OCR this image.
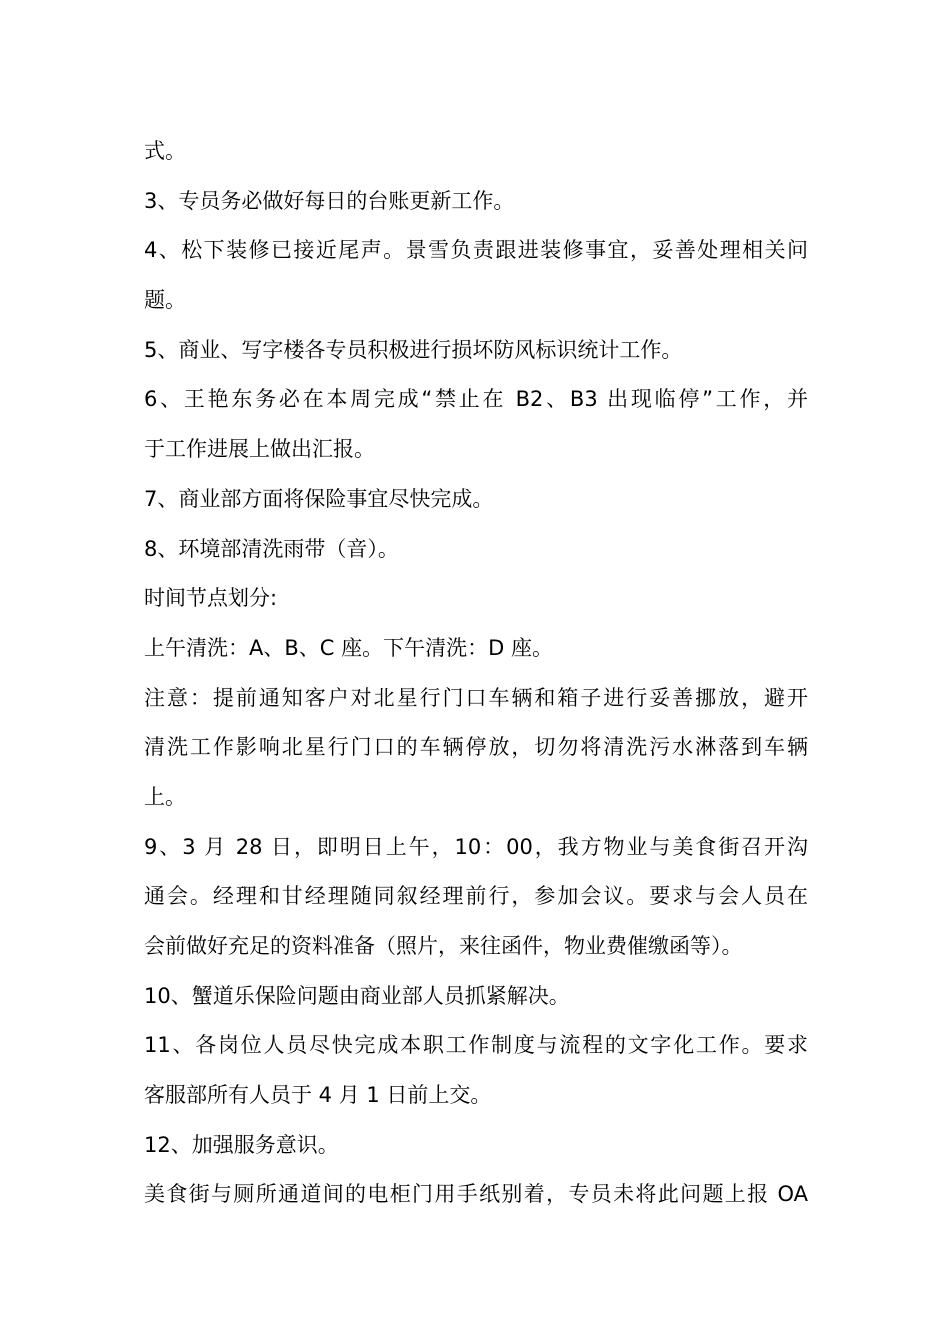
式。
3、专员务必做好每日的台账更新工作。
4、松下装修已接近尾声。景雪负责跟进装修事宜，妥善处理相关问
题。
5、商业、写字楼各专员积极进行损坏防风标识统计工作。
6、王艳东务必在本周完成“禁止在 B2、B3 出现临停”工作，并
于工作进展上做出汇报。
7、商业部方面将保险事宜尽快完成。
8、环境部清洗雨带（音）。
时间节点划分:
上午清洗：A、B、C 座。下午清洗：D 座。
注意：提前通知客户对北星行门口车辆和箱子进行妥善挪放，避开
清洗工作影响北星行门口的车辆停放，切勿将清洗污水淋落到车辆
上。
9、3 月 28 日，即明日上午，10：00，我方物业与美食街召开沟
通会。经理和甘经理随同叙经理前行，参加会议。要求与会人员在
会前做好充足的资料准备（照片，来往函件，物业费催缴函等）。
10、蟹道乐保险问题由商业部人员抓紧解决。
11、各岗位人员尽快完成本职工作制度与流程的文字化工作。要求
客服部所有人员于 4 月 1 日前上交。
12、加强服务意识。
美食街与厕所通道间的电柜门用手纸别着，专员未将此问题上报 OA
